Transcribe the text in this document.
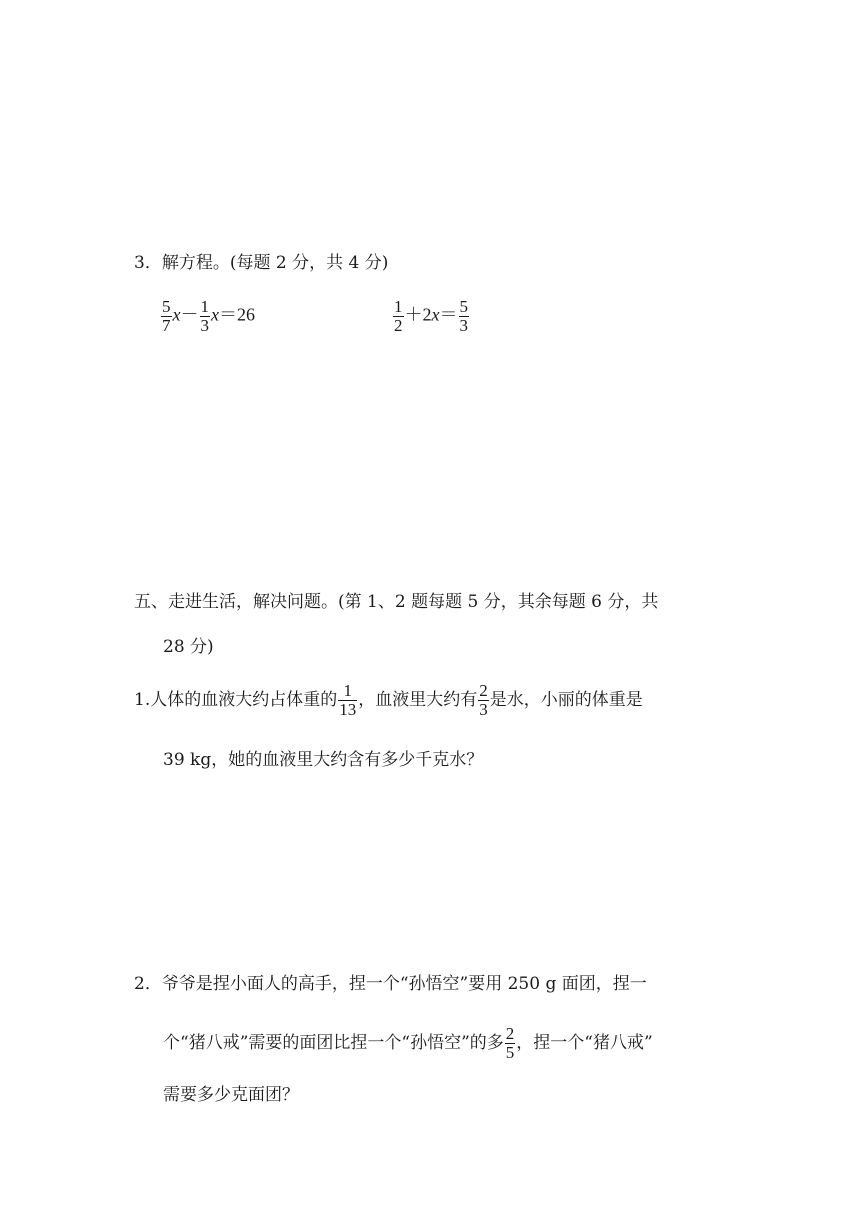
3．解方程。(每题 2 分，共 4 分)
$\frac{5}{7} x- \frac{1}{3} x=26$	$\frac{1}{2} +2x= \frac{5}{3}$
五、走进生活，解决问题。(第 1、2 题每题 5 分，其余每题 6 分，共
28 分)
1.人体的血液大约占体重的 $\frac{1}{13}$ ，血液里大约有 $\frac{2}{3}$ 是水，小丽的体重是
39 kg，她的血液里大约含有多少千克水？
2．爷爷是捏小面人的高手，捏一个“孙悟空”要用 250 g 面团，捏一
个“猪八戒”需要的面团比捏一个“孙悟空”的多 $\frac{2}{5}$ ，捏一个“猪八戒”
需要多少克面团？
